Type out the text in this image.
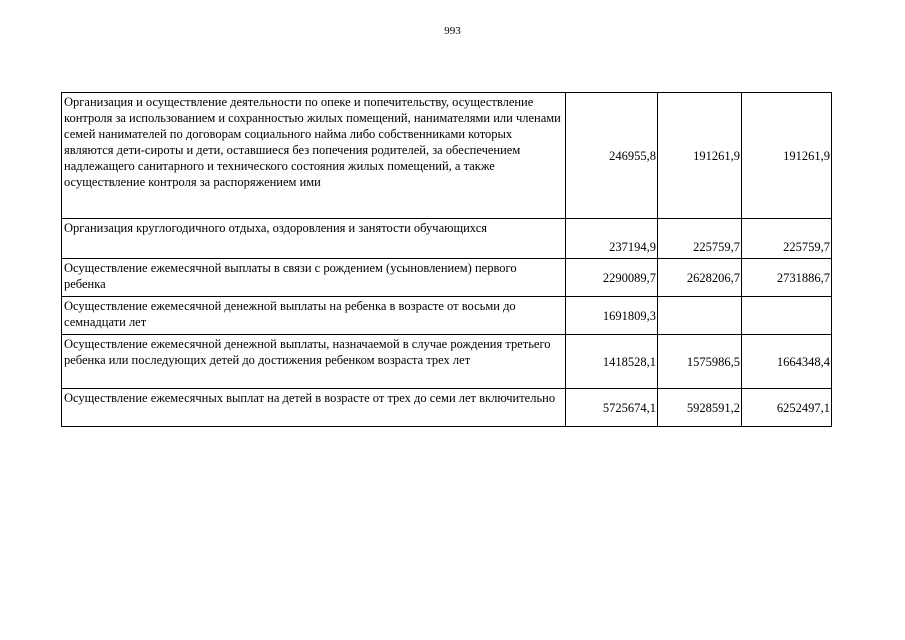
993
Организация и осуществление деятельности по опеке и попечительству, осуществление контроля за использованием и сохранностью жилых помещений, нанимателями или членами семей нанимателей по договорам социального найма либо собственниками которых являются дети-сироты и дети, оставшиеся без попечения родителей, за обеспечением надлежащего санитарного и технического состояния жилых помещений, а также осуществление контроля за распоряжением ими	246955,8	191261,9	191261,9
Организация круглогодичного отдыха, оздоровления и занятости обучающихся	237194,9	225759,7	225759,7
Осуществление ежемесячной выплаты в связи с рождением (усыновлением) первого ребенка	2290089,7	2628206,7	2731886,7
Осуществление ежемесячной денежной выплаты на ребенка в возрасте от восьми до семнадцати лет	1691809,3		
Осуществление ежемесячной денежной выплаты, назначаемой в случае рождения третьего ребенка или последующих детей до достижения ребенком возраста трех лет	1418528,1	1575986,5	1664348,4
Осуществление ежемесячных выплат на детей в возрасте от трех до семи лет включительно	5725674,1	5928591,2	6252497,1
